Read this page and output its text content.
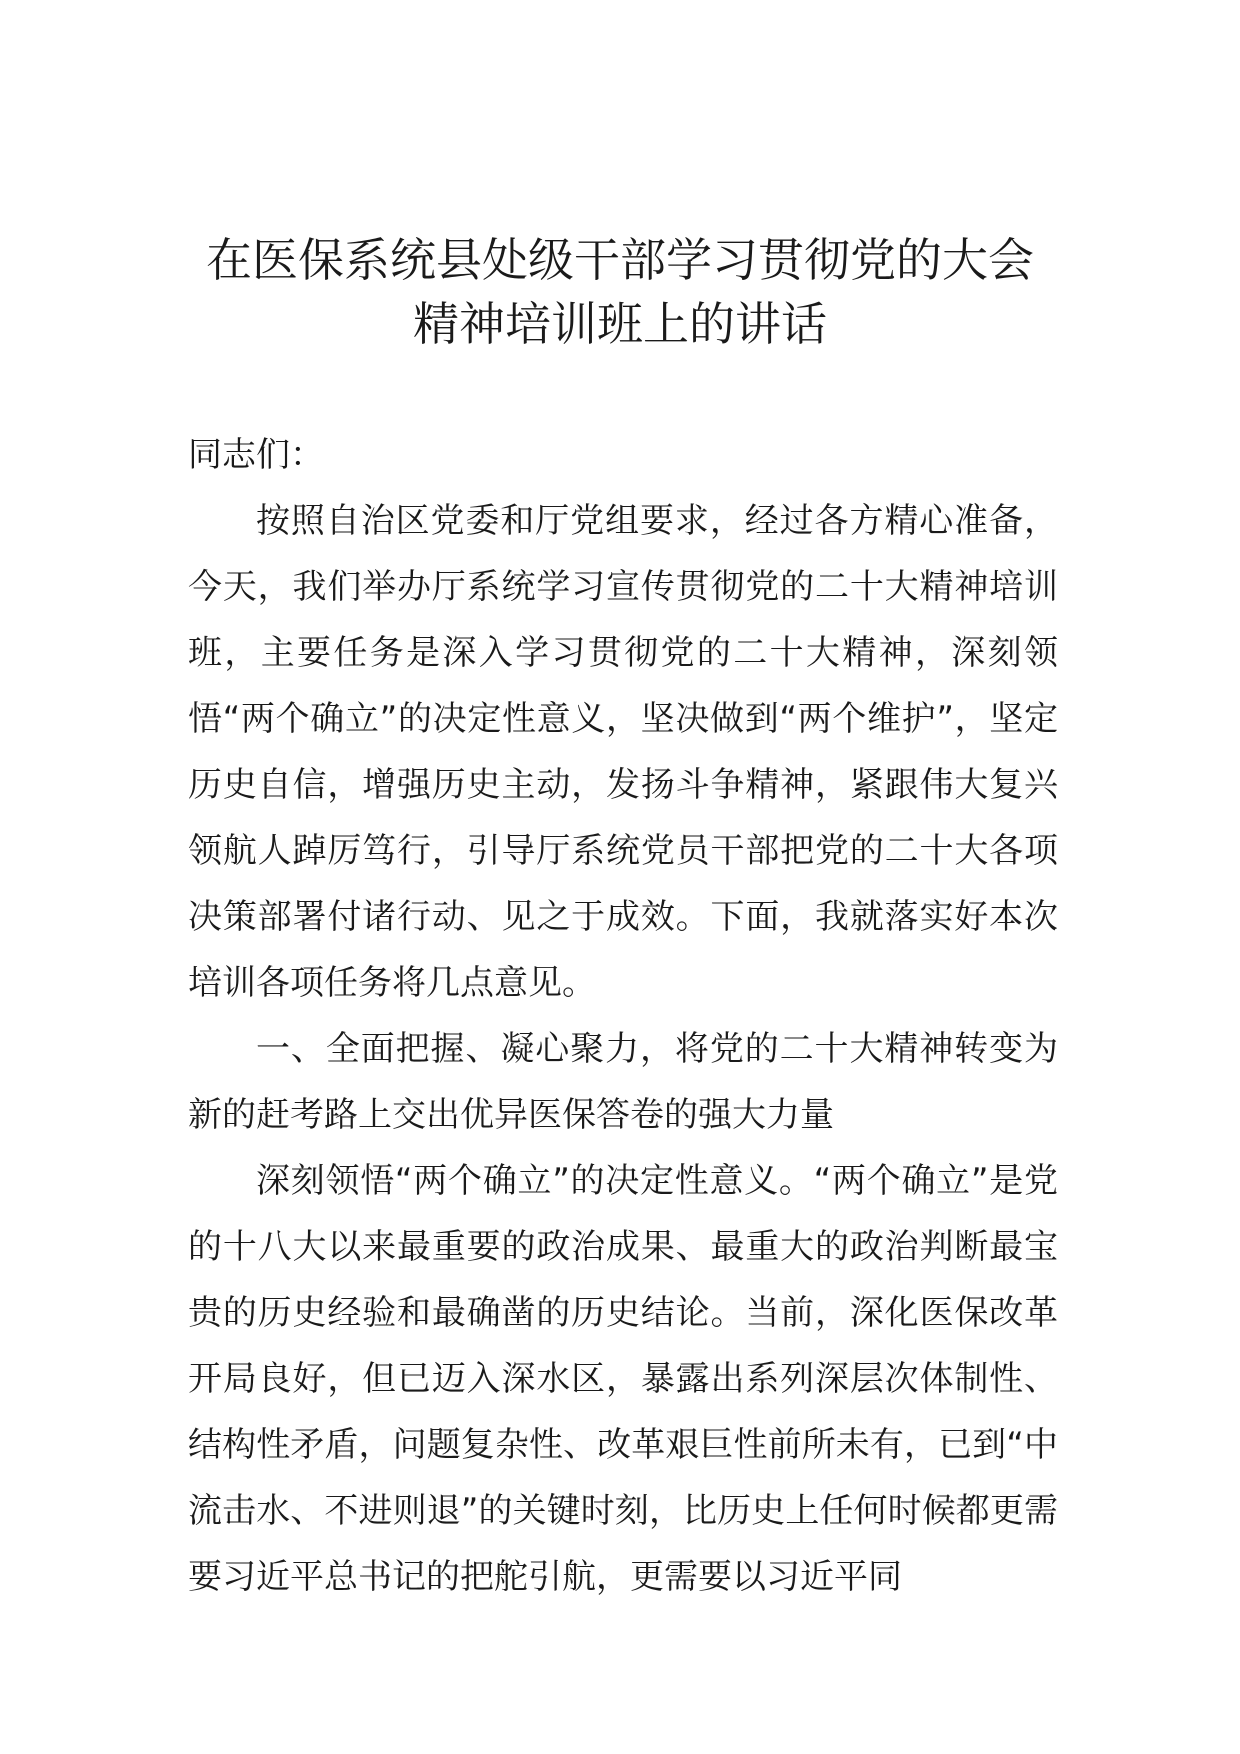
在医保系统县处级干部学习贯彻党的大会
精神培训班上的讲话

同志们：

按照自治区党委和厅党组要求，经过各方精心准备，今天，我们举办厅系统学习宣传贯彻党的二十大精神培训班，主要任务是深入学习贯彻党的二十大精神，深刻领悟“两个确立”的决定性意义，坚决做到“两个维护”，坚定历史自信，增强历史主动，发扬斗争精神，紧跟伟大复兴领航人踔厉笃行，引导厅系统党员干部把党的二十大各项决策部署付诸行动、见之于成效。下面，我就落实好本次培训各项任务将几点意见。

一、全面把握、凝心聚力，将党的二十大精神转变为新的赶考路上交出优异医保答卷的强大力量

深刻领悟“两个确立”的决定性意义。“两个确立”是党的十八大以来最重要的政治成果、最重大的政治判断最宝贵的历史经验和最确凿的历史结论。当前，深化医保改革开局良好，但已迈入深水区，暴露出系列深层次体制性、结构性矛盾，问题复杂性、改革艰巨性前所未有，已到“中流击水、不进则退”的关键时刻，比历史上任何时候都更需要习近平总书记的把舵引航，更需要以习近平同
